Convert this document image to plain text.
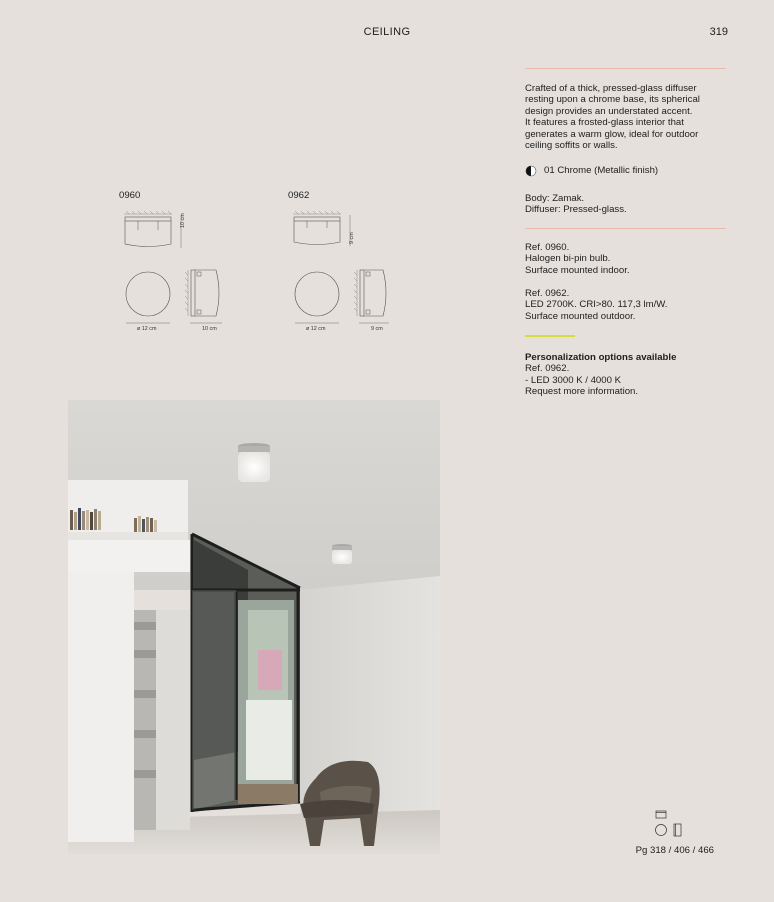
CEILING	319

Crafted of a thick, pressed-glass diffuser

resting upon a chrome base, its spherical

design provides an understated accent.

It features a frosted-glass interior that

generates a warm glow, ideal for outdoor

ceiling soffits or walls.

01 Chrome (Metallic finish)

Body: Zamak.

Diffuser: Pressed-glass.

Ref. 0960.

Halogen bi-pin bulb.

Surface mounted indoor.

Ref. 0962.

LED 2700K. CRI>80. 117,3 lm/W.

Surface mounted outdoor.

Personalization options available

Ref. 0962.

- LED 3000 K / 4000 K

Request more information.

0960	0962
10 cm
ø 12 cm	10 cm
9 cm
ø 12 cm	9 cm
Pg 318 / 406 / 466
